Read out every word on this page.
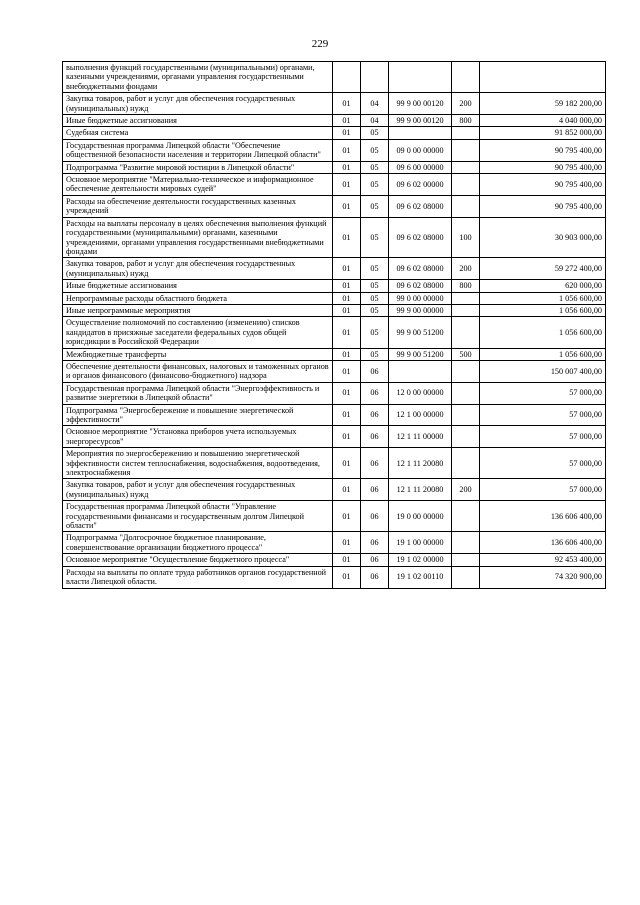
229
выполнения функций государственными (муниципальными) органами, казенными учреждениями, органами управления государственными внебюджетными фондами					
Закупка товаров, работ и услуг для обеспечения государственных (муниципальных) нужд	01	04	99 9 00 00120	200	59 182 200,00
Иные бюджетные ассигнования	01	04	99 9 00 00120	800	4 040 000,00
Судебная система	01	05			91 852 000,00
Государственная программа Липецкой области "Обеспечение общественной безопасности населения и территории Липецкой области"	01	05	09 0 00 00000		90 795 400,00
Подпрограмма "Развитие мировой юстиции в Липецкой области"	01	05	09 6 00 00000		90 795 400,00
Основное мероприятие "Материально-техническое и информационное обеспечение деятельности мировых судей"	01	05	09 6 02 00000		90 795 400,00
Расходы на обеспечение деятельности государственных казенных учреждений	01	05	09 6 02 08000		90 795 400,00
Расходы на выплаты персоналу в целях обеспечения выполнения функций государственными (муниципальными) органами, казенными учреждениями, органами управления государственными внебюджетными фондами	01	05	09 6 02 08000	100	30 903 000,00
Закупка товаров, работ и услуг для обеспечения государственных (муниципальных) нужд	01	05	09 6 02 08000	200	59 272 400,00
Иные бюджетные ассигнования	01	05	09 6 02 08000	800	620 000,00
Непрограммные расходы областного бюджета	01	05	99 0 00 00000		1 056 600,00
Иные непрограммные мероприятия	01	05	99 9 00 00000		1 056 600,00
Осуществление полномочий по составлению (изменению) списков кандидатов в присяжные заседатели федеральных судов общей юрисдикции в Российской Федерации	01	05	99 9 00 51200		1 056 600,00
Межбюджетные трансферты	01	05	99 9 00 51200	500	1 056 600,00
Обеспечение деятельности финансовых, налоговых и таможенных органов и органов финансового (финансово-бюджетного) надзора	01	06			150 007 400,00
Государственная программа Липецкой области "Энергоэффективность и развитие энергетики в Липецкой области"	01	06	12 0 00 00000		57 000,00
Подпрограмма "Энергосбережение и повышение энергетической эффективности"	01	06	12 1 00 00000		57 000,00
Основное мероприятие "Установка приборов учета используемых энергоресурсов"	01	06	12 1 11 00000		57 000,00
Мероприятия по энергосбережению и повышению энергетической эффективности систем теплоснабжения, водоснабжения, водоотведения, электроснабжения	01	06	12 1 11 20080		57 000,00
Закупка товаров, работ и услуг для обеспечения государственных (муниципальных) нужд	01	06	12 1 11 20080	200	57 000,00
Государственная программа Липецкой области "Управление государственными финансами и государственным долгом Липецкой области"	01	06	19 0 00 00000		136 606 400,00
Подпрограмма "Долгосрочное бюджетное планирование, совершенствование организации бюджетного процесса"	01	06	19 1 00 00000		136 606 400,00
Основное мероприятие "Осуществление бюджетного процесса"	01	06	19 1 02 00000		92 453 400,00
Расходы на выплаты по оплате труда работников органов государственной власти Липецкой области.	01	06	19 1 02 00110		74 320 900,00
